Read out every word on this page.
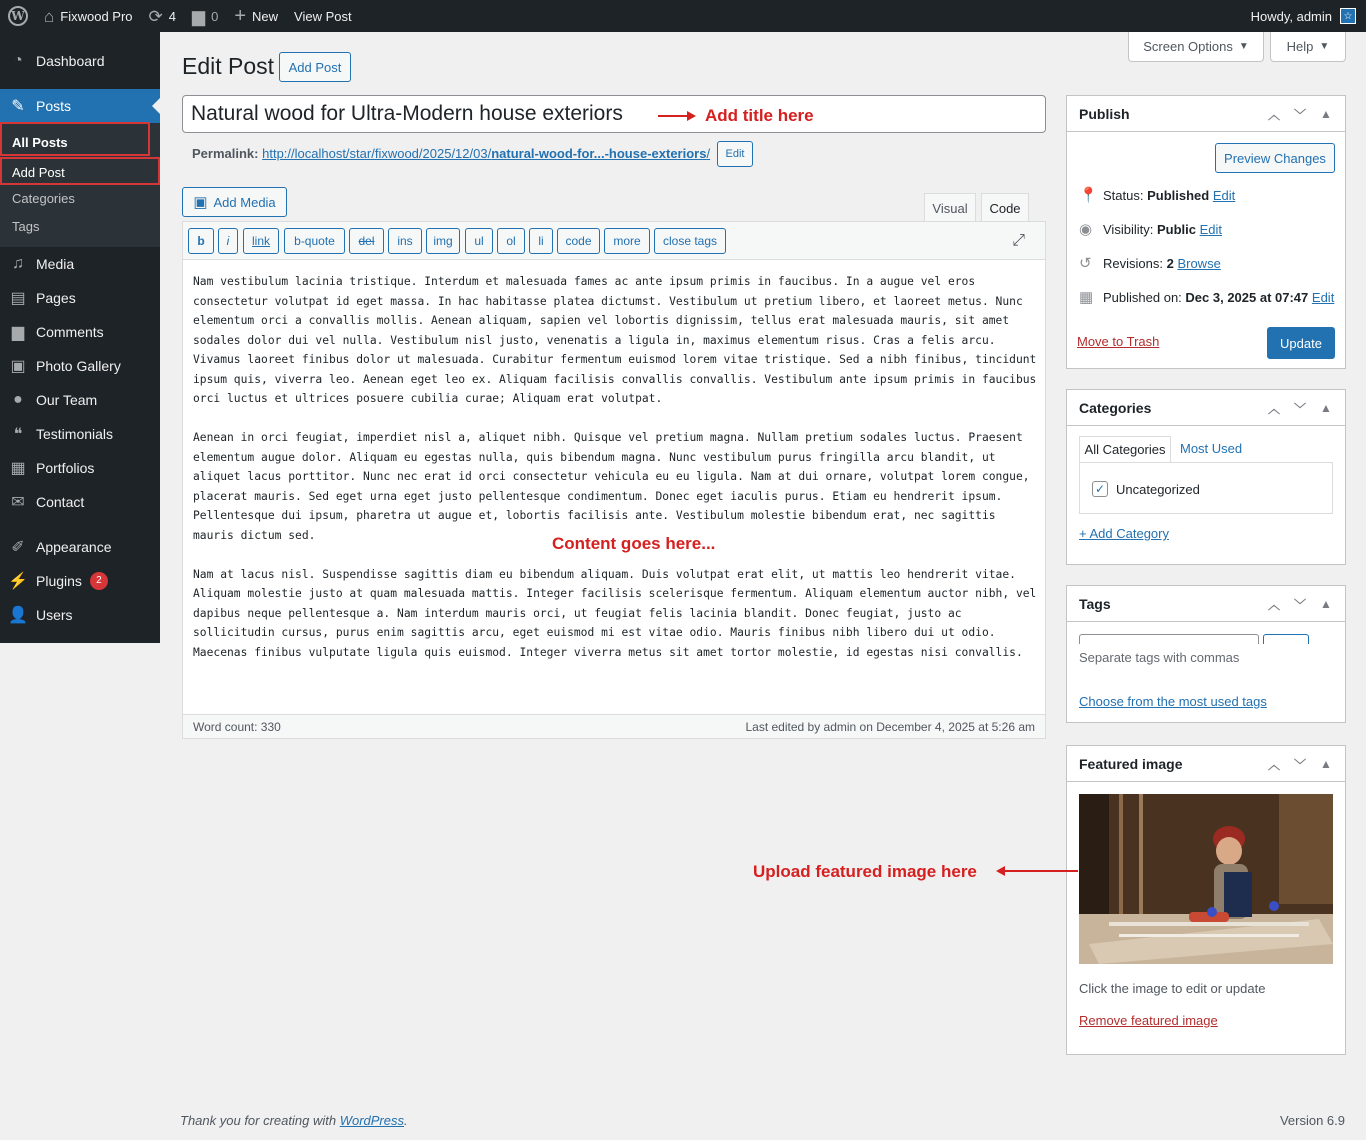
W ⌂ Fixwood Pro ⟳ 4 ▆ 0 + New View Post	Howdy, admin	☆
◔ Dashboard
✎ Posts
All Posts
Add Post
Categories
Tags
♫ Media
▤ Pages
▆ Comments
▣ Photo Gallery
● Our Team
❝ Testimonials
▦ Portfolios
✉ Contact
✐ Appearance
⚡ Plugins	2
👤 Users
Edit Post	Add Post
Screen Options ▼	Help ▼
Natural wood for Ultra-Modern house exteriors	Add title here
Permalink: http://localhost/star/fixwood/2025/12/03/natural-wood-for...-house-exteriors/	Edit
▣ Add Media	Visual	Code
b	i	link	b-quote	del	ins	img	ul	ol	li	code	more	close tags	⤢

Nam vestibulum lacinia tristique. Interdum et malesuada fames ac ante ipsum primis in faucibus. In a augue vel eros consectetur volutpat id eget massa. In hac habitasse platea dictumst. Vestibulum ut pretium libero, et laoreet metus. Nunc elementum orci a convallis mollis. Aenean aliquam, sapien vel lobortis dignissim, tellus erat malesuada mauris, sit amet sodales dolor dui vel nulla. Vestibulum nisl justo, venenatis a ligula in, maximus elementum risus. Cras a felis arcu. Vivamus laoreet finibus dolor ut malesuada. Curabitur fermentum euismod lorem vitae tristique. Sed a nibh finibus, tincidunt ipsum quis, viverra leo. Aenean eget leo ex. Aliquam facilisis convallis convallis. Vestibulum ante ipsum primis in faucibus orci luctus et ultrices posuere cubilia curae; Aliquam erat volutpat.

Aenean in orci feugiat, imperdiet nisl a, aliquet nibh. Quisque vel pretium magna. Nullam pretium sodales luctus. Praesent elementum augue dolor. Aliquam eu egestas nulla, quis bibendum magna. Nunc vestibulum purus fringilla arcu blandit, ut aliquet lacus porttitor. Nunc nec erat id orci consectetur vehicula eu eu ligula. Nam at dui ornare, volutpat lorem congue, placerat mauris. Sed eget urna eget justo pellentesque condimentum. Donec eget iaculis purus. Etiam eu hendrerit ipsum. Pellentesque dui ipsum, pharetra ut augue et, lobortis facilisis ante. Vestibulum molestie bibendum erat, nec sagittis mauris dictum sed.

Nam at lacus nisl. Suspendisse sagittis diam eu bibendum aliquam. Duis volutpat erat elit, ut mattis leo hendrerit vitae. Aliquam molestie justo at quam malesuada mattis. Integer facilisis scelerisque fermentum. Aliquam elementum auctor nibh, vel dapibus neque pellentesque a. Nam interdum mauris orci, ut feugiat felis lacinia blandit. Donec feugiat, justo ac sollicitudin cursus, purus enim sagittis arcu, eget euismod mi est vitae odio. Mauris finibus nibh libero dui ut odio. Maecenas finibus vulputate ligula quis euismod. Integer viverra metus sit amet tortor molestie, id egestas nisi convallis.

Word count: 330	Last edited by admin on December 4, 2025 at 5:26 am
Content goes here...
Publish	︿	﹀	▲
Preview Changes
📍 Status:
Published
Edit
◉ Visibility:
Public
Edit
↺ Revisions:
2
Browse
▦ Published on:
Dec 3, 2025 at 07:47
Edit
Move to Trash	Update
Categories	︿	﹀	▲
All Categories	Most Used
✓ Uncategorized
+ Add Category
Tags	︿	﹀	▲
Separate tags with commas
Choose from the most used tags
Featured image	︿	﹀	▲
Click the image to edit or update
Remove featured image
Upload featured image here
Thank you for creating with WordPress.	Version 6.9
